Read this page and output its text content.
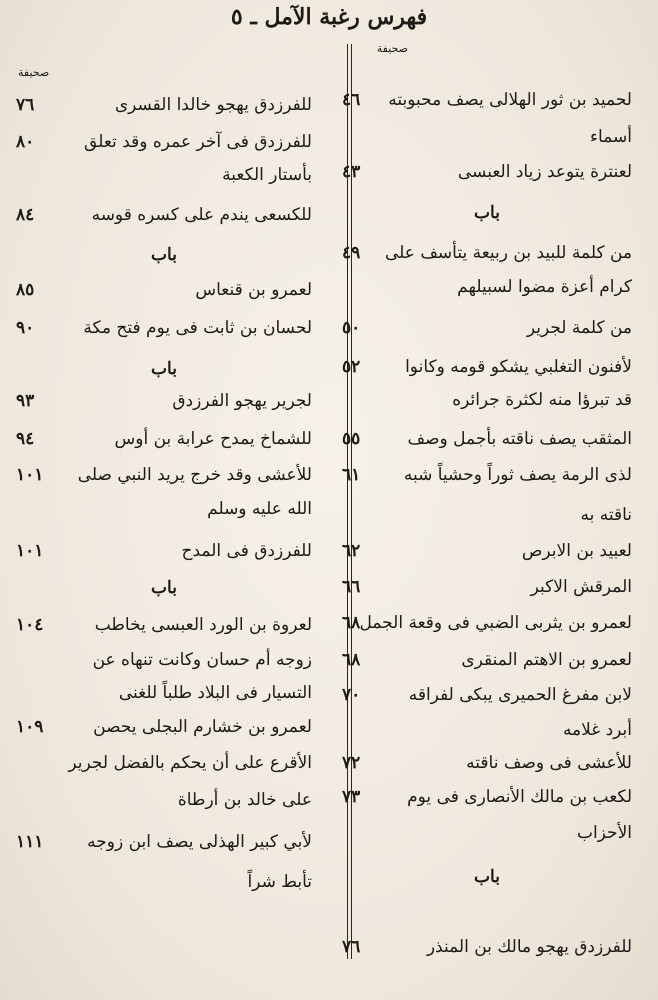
فهرس رغبة الآمل ـ ٥
صحيفة
صحيفة
لحميد بن ثور الهلالى يصف محبوبته
٤٦
أسماء
لعنترة يتوعد زياد العبسى
٤٣
باب
من كلمة للبيد بن ربيعة يتأسف على
٤٩
كرام أعزة مضوا لسبيلهم
من كلمة لجرير
٥٠
لأفنون التغلبي يشكو قومه وكانوا
٥٢
قد تبرؤا منه لكثرة جرائره
المثقب يصف ناقته بأجمل وصف
٥٥
لذى الرمة يصف ثوراً وحشياً شبه
٦١
ناقته به
لعبيد بن الابرص
٦٢
المرقش الاكبر
٦٦
لعمرو بن يثربى الضبي فى وقعة الجمل
٦٨
لعمرو بن الاهتم المنقرى
٦٨
لابن مفرغ الحميرى يبكى لفراقه
٧٠
أبرد غلامه
للأعشى فى وصف ناقته
٧٢
لكعب بن مالك الأنصارى فى يوم
٧٣
الأحزاب
باب
للفرزدق يهجو مالك بن المنذر
٧٦
للفرزدق يهجو خالدا القسرى
٧٦
للفرزدق فى آخر عمره وقد تعلق
٨٠
بأستار الكعبة
للكسعى يندم على كسره قوسه
٨٤
باب
لعمرو بن قنعاس
٨٥
لحسان بن ثابت فى يوم فتح مكة
٩٠
باب
لجرير يهجو الفرزدق
٩٣
للشماخ يمدح عرابة بن أوس
٩٤
للأعشى وقد خرج يريد النبي صلى
١٠١
الله عليه وسلم
للفرزدق فى المدح
١٠١
باب
لعروة بن الورد العبسى يخاطب
١٠٤
زوجه أم حسان وكانت تنهاه عن
التسيار فى البلاد طلباً للغنى
لعمرو بن خشارم البجلى يحصن
١٠٩
الأقرع على أن يحكم بالفضل لجرير
على خالد بن أرطاة
لأبي كبير الهذلى يصف ابن زوجه
١١١
تأبط شراً
